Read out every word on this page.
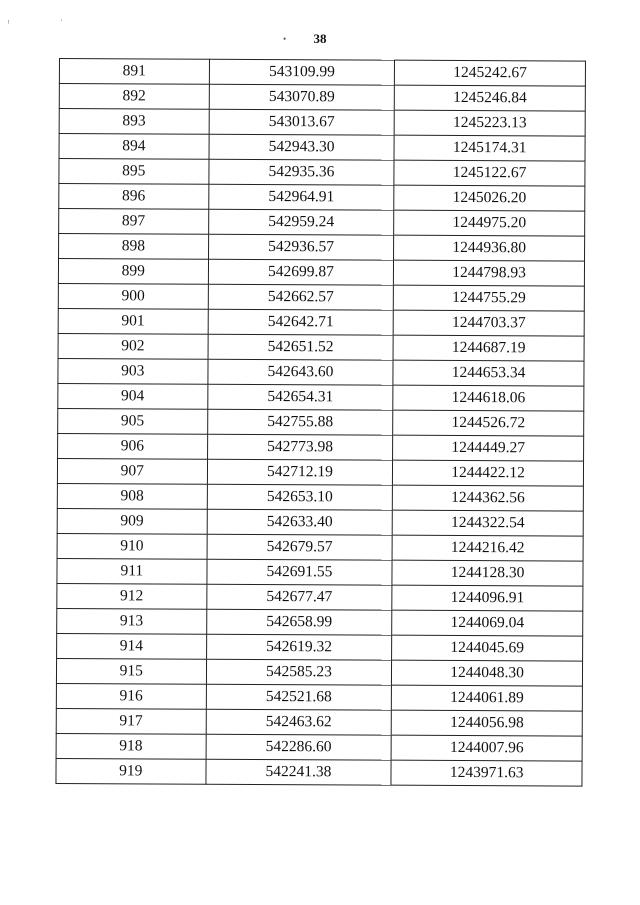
ˡ	ˈ
•	38
891	543109.99	1245242.67
892	543070.89	1245246.84
893	543013.67	1245223.13
894	542943.30	1245174.31
895	542935.36	1245122.67
896	542964.91	1245026.20
897	542959.24	1244975.20
898	542936.57	1244936.80
899	542699.87	1244798.93
900	542662.57	1244755.29
901	542642.71	1244703.37
902	542651.52	1244687.19
903	542643.60	1244653.34
904	542654.31	1244618.06
905	542755.88	1244526.72
906	542773.98	1244449.27
907	542712.19	1244422.12
908	542653.10	1244362.56
909	542633.40	1244322.54
910	542679.57	1244216.42
911	542691.55	1244128.30
912	542677.47	1244096.91
913	542658.99	1244069.04
914	542619.32	1244045.69
915	542585.23	1244048.30
916	542521.68	1244061.89
917	542463.62	1244056.98
918	542286.60	1244007.96
919	542241.38	1243971.63
